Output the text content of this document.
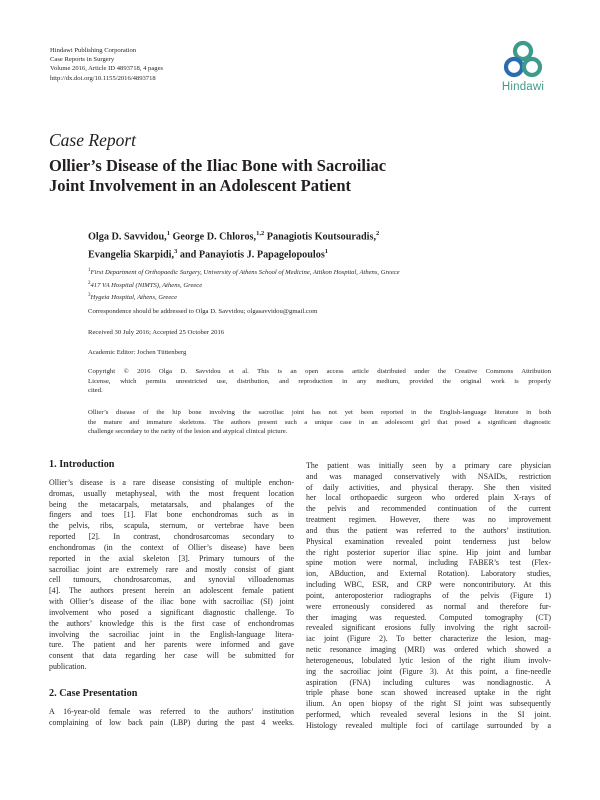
Hindawi Publishing Corporation
Case Reports in Surgery
Volume 2016, Article ID 4893718, 4 pages
http://dx.doi.org/10.1155/2016/4893718
Hindawi
Case Report
Ollier’s Disease of the Iliac Bone with Sacroiliac
Joint Involvement in an Adolescent Patient
Olga D. Savvidou,$^1$ George D. Chloros,$^{1,2}$ Panagiotis Koutsouradis,$^2$
Evangelia Skarpidi,$^3$ and Panayiotis J. Papagelopoulos$^1$
$^1$First Department of Orthopaedic Surgery, University of Athens School of Medicine, Attikon Hospital, Athens, Greece
$^2$417 VA Hospital (NIMTS), Athens, Greece
$^3$Hygeia Hospital, Athens, Greece
Correspondence should be addressed to Olga D. Savvidou; olgasavvidou@gmail.com
Received 30 July 2016; Accepted 25 October 2016
Academic Editor: Jochen Tüttenberg
Copyright © 2016 Olga D. Savvidou et al. This is an open access article distributed under the Creative Commons Attribution
License, which permits unrestricted use, distribution, and reproduction in any medium, provided the original work is properly
cited.
Ollier’s disease of the hip bone involving the sacroiliac joint has not yet been reported in the English-language literature in both
the mature and immature skeletons. The authors present such a unique case in an adolescent girl that posed a significant diagnostic
challenge secondary to the rarity of the lesion and atypical clinical picture.
1. Introduction
Ollier’s disease is a rare disease consisting of multiple enchon-
dromas, usually metaphyseal, with the most frequent location
being the metacarpals, metatarsals, and phalanges of the
fingers and toes [1]. Flat bone enchondromas such as in
the pelvis, ribs, scapula, sternum, or vertebrae have been
reported [2]. In contrast, chondrosarcomas secondary to
enchondromas (in the context of Ollier’s disease) have been
reported in the axial skeleton [3]. Primary tumours of the
sacroiliac joint are extremely rare and mostly consist of giant
cell tumours, chondrosarcomas, and synovial villoadenomas
[4]. The authors present herein an adolescent female patient
with Ollier’s disease of the iliac bone with sacroiliac (SI) joint
involvement who posed a significant diagnostic challenge. To
the authors’ knowledge this is the first case of enchondromas
involving the sacroiliac joint in the English-language litera-
ture. The patient and her parents were informed and gave
consent that data regarding her case will be submitted for
publication.
2. Case Presentation
A 16-year-old female was referred to the authors’ institution
complaining of low back pain (LBP) during the past 4 weeks.
The patient was initially seen by a primary care physician
and was managed conservatively with NSAIDs, restriction
of daily activities, and physical therapy. She then visited
her local orthopaedic surgeon who ordered plain X-rays of
the pelvis and recommended continuation of the current
treatment regimen. However, there was no improvement
and thus the patient was referred to the authors’ institution.
Physical examination revealed point tenderness just below
the right posterior superior iliac spine. Hip joint and lumbar
spine motion were normal, including FABER’s test (Flex-
ion, ABduction, and External Rotation). Laboratory studies,
including WBC, ESR, and CRP were noncontributory. At this
point, anteroposterior radiographs of the pelvis (Figure 1)
were erroneously considered as normal and therefore fur-
ther imaging was requested. Computed tomography (CT)
revealed significant erosions fully involving the right sacroil-
iac joint (Figure 2). To better characterize the lesion, mag-
netic resonance imaging (MRI) was ordered which showed a
heterogeneous, lobulated lytic lesion of the right ilium involv-
ing the sacroiliac joint (Figure 3). At this point, a fine-needle
aspiration (FNA) including cultures was nondiagnostic. A
triple phase bone scan showed increased uptake in the right
ilium. An open biopsy of the right SI joint was subsequently
performed, which revealed several lesions in the SI joint.
Histology revealed multiple foci of cartilage surrounded by a
